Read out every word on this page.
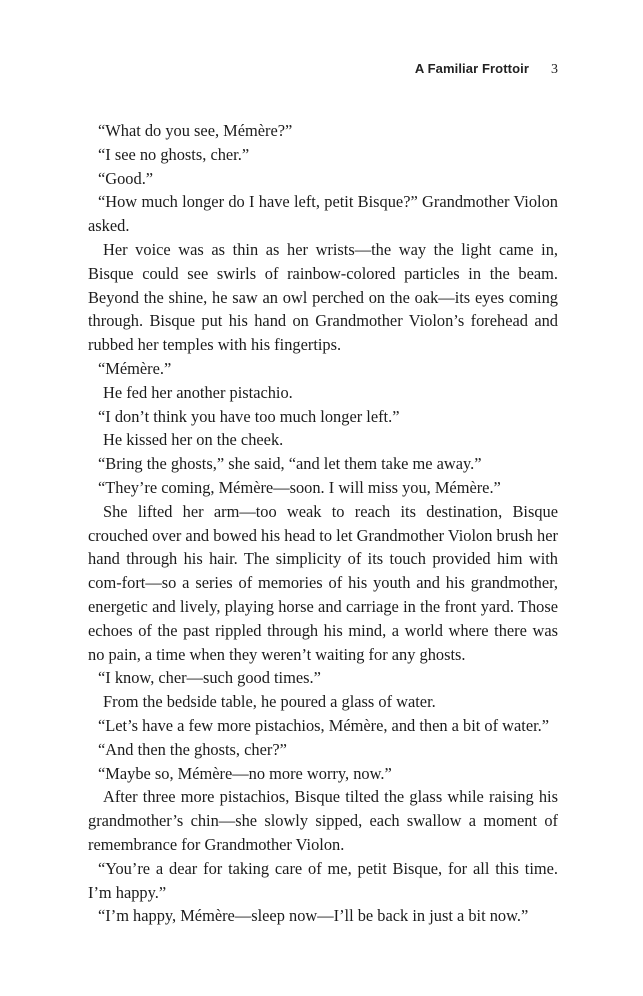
A Familiar Frottoir 3

“What do you see, Mémère?”

“I see no ghosts, cher.”

“Good.”

“How much longer do I have left, petit Bisque?” Grandmother Violon asked.

Her voice was as thin as her wrists—the way the light came in, Bisque could see swirls of rainbow-colored particles in the beam. Beyond the shine, he saw an owl perched on the oak—its eyes coming through. Bisque put his hand on Grandmother Violon’s forehead and rubbed her temples with his fingertips.

“Mémère.”

He fed her another pistachio.

“I don’t think you have too much longer left.”

He kissed her on the cheek.

“Bring the ghosts,” she said, “and let them take me away.”

“They’re coming, Mémère—soon. I will miss you, Mémère.”

She lifted her arm—too weak to reach its destination, Bisque crouched over and bowed his head to let Grandmother Violon brush her hand through his hair. The simplicity of its touch provided him with com-fort—so a series of memories of his youth and his grandmother, energetic and lively, playing horse and carriage in the front yard. Those echoes of the past rippled through his mind, a world where there was no pain, a time when they weren’t waiting for any ghosts.

“I know, cher—such good times.”

From the bedside table, he poured a glass of water.

“Let’s have a few more pistachios, Mémère, and then a bit of water.”

“And then the ghosts, cher?”

“Maybe so, Mémère—no more worry, now.”

After three more pistachios, Bisque tilted the glass while raising his grandmother’s chin—she slowly sipped, each swallow a moment of remembrance for Grandmother Violon.

“You’re a dear for taking care of me, petit Bisque, for all this time. I’m happy.”

“I’m happy, Mémère—sleep now—I’ll be back in just a bit now.”
